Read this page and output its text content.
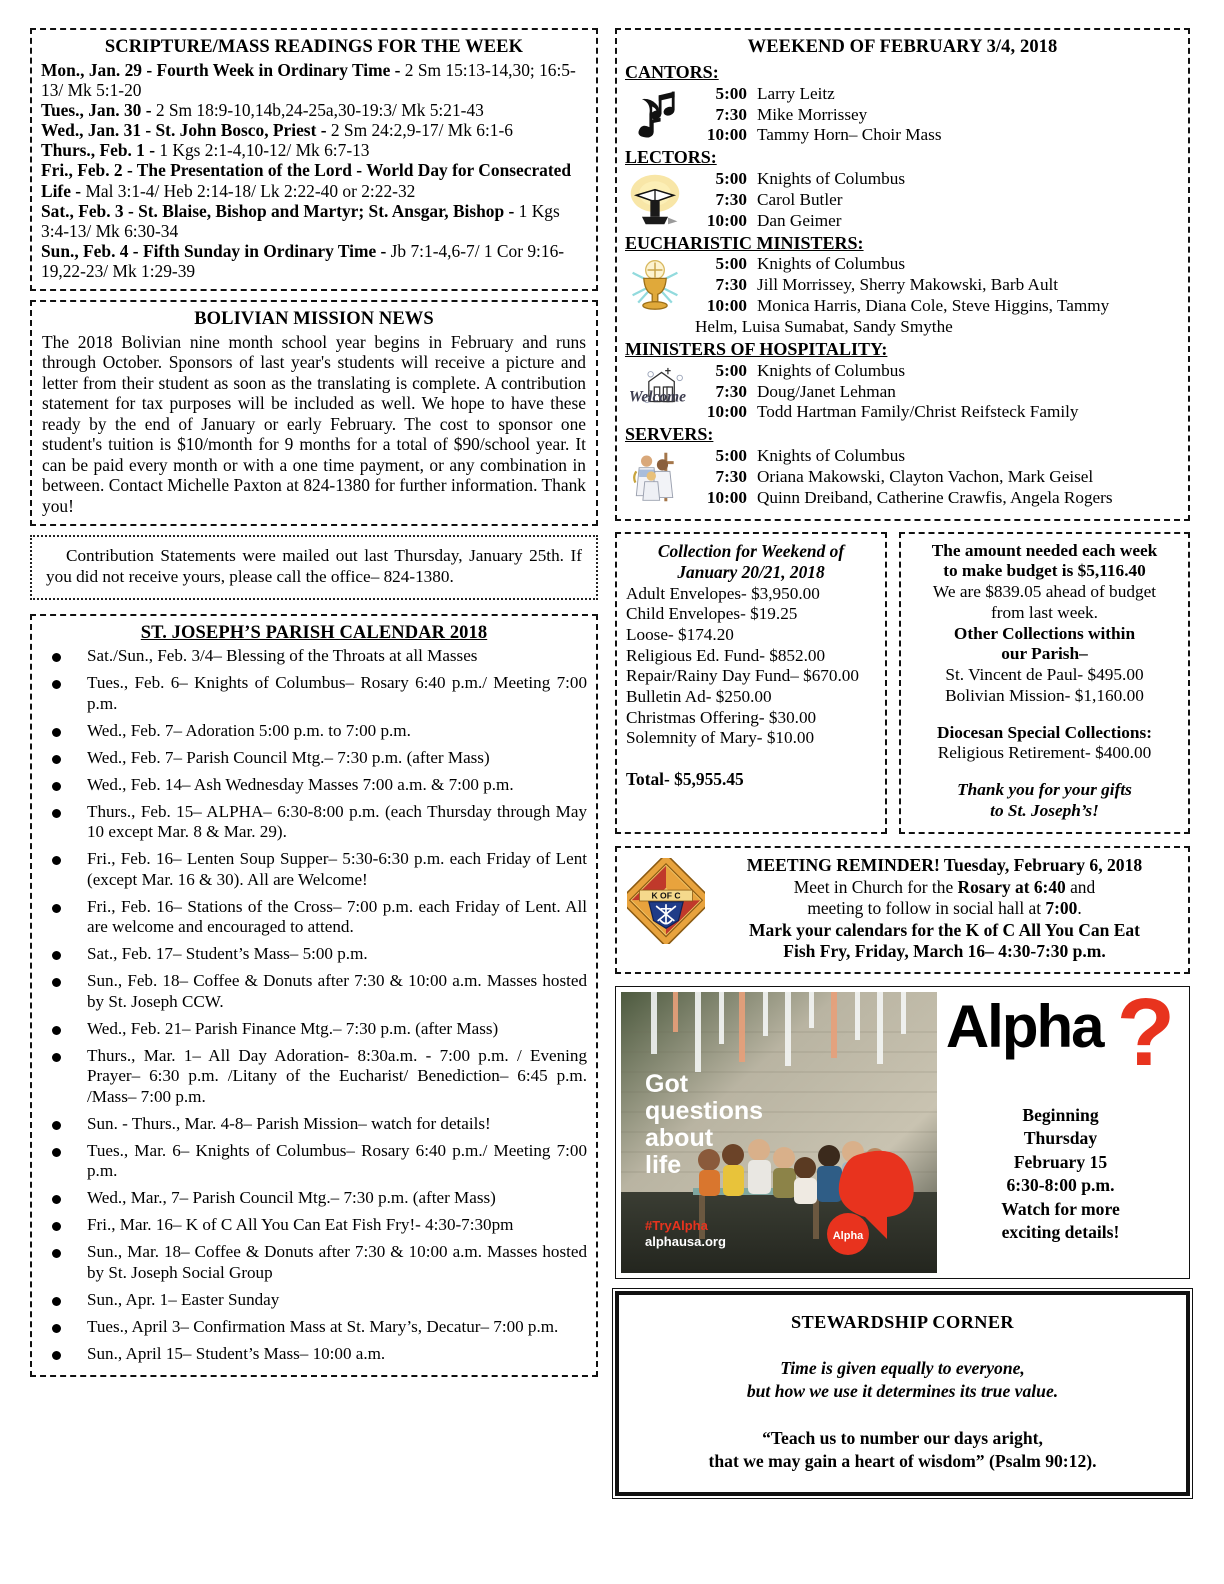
SCRIPTURE/MASS READINGS FOR THE WEEK

Mon., Jan. 29 - Fourth Week in Ordinary Time - 2 Sm 15:13-14,30; 16:5-13/ Mk 5:1-20

Tues., Jan. 30 - 2 Sm 18:9-10,14b,24-25a,30-19:3/ Mk 5:21-43

Wed., Jan. 31 - St. John Bosco, Priest - 2 Sm 24:2,9-17/ Mk 6:1-6

Thurs., Feb. 1 - 1 Kgs 2:1-4,10-12/ Mk 6:7-13

Fri., Feb. 2 - The Presentation of the Lord - World Day for Consecrated Life - Mal 3:1-4/ Heb 2:14-18/ Lk 2:22-40 or 2:22-32

Sat., Feb. 3 - St. Blaise, Bishop and Martyr; St. Ansgar, Bishop - 1 Kgs 3:4-13/ Mk 6:30-34

Sun., Feb. 4 - Fifth Sunday in Ordinary Time - Jb 7:1-4,6-7/ 1 Cor 9:16-19,22-23/ Mk 1:29-39

BOLIVIAN MISSION NEWS

The 2018 Bolivian nine month school year begins in February and runs through October. Sponsors of last year's students will receive a picture and letter from their student as soon as the translating is complete. A contribution statement for tax purposes will be included as well. We hope to have these ready by the end of January or early February. The cost to sponsor one student's tuition is $10/month for 9 months for a total of $90/school year. It can be paid every month or with a one time payment, or any combination in between. Contact Michelle Paxton at 824-1380 for further information. Thank you!

Contribution Statements were mailed out last Thursday, January 25th. If you did not receive yours, please call the office– 824-1380.

ST. JOSEPH’S PARISH CALENDAR 2018
Sat./Sun., Feb. 3/4– Blessing of the Throats at all Masses
Tues., Feb. 6– Knights of Columbus– Rosary 6:40 p.m./ Meeting 7:00 p.m.
Wed., Feb. 7– Adoration 5:00 p.m. to 7:00 p.m.
Wed., Feb. 7– Parish Council Mtg.– 7:30 p.m. (after Mass)
Wed., Feb. 14– Ash Wednesday Masses 7:00 a.m. & 7:00 p.m.
Thurs., Feb. 15– ALPHA– 6:30-8:00 p.m. (each Thursday through May 10 except Mar. 8 & Mar. 29).
Fri., Feb. 16– Lenten Soup Supper– 5:30-6:30 p.m. each Friday of Lent (except Mar. 16 & 30). All are Welcome!
Fri., Feb. 16– Stations of the Cross– 7:00 p.m. each Friday of Lent. All are welcome and encouraged to attend.
Sat., Feb. 17– Student’s Mass– 5:00 p.m.
Sun., Feb. 18– Coffee & Donuts after 7:30 & 10:00 a.m. Masses hosted by St. Joseph CCW.
Wed., Feb. 21– Parish Finance Mtg.– 7:30 p.m. (after Mass)
Thurs., Mar. 1– All Day Adoration- 8:30a.m. - 7:00 p.m. / Evening Prayer– 6:30 p.m. /Litany of the Eucharist/ Benediction– 6:45 p.m. /Mass– 7:00 p.m.
Sun. - Thurs., Mar. 4-8– Parish Mission– watch for details!
Tues., Mar. 6– Knights of Columbus– Rosary 6:40 p.m./ Meeting 7:00 p.m.
Wed., Mar., 7– Parish Council Mtg.– 7:30 p.m. (after Mass)
Fri., Mar. 16– K of C All You Can Eat Fish Fry!- 4:30-7:30pm
Sun., Mar. 18– Coffee & Donuts after 7:30 & 10:00 a.m. Masses hosted by St. Joseph Social Group
Sun., Apr. 1– Easter Sunday
Tues., April 3– Confirmation Mass at St. Mary’s, Decatur– 7:00 p.m.
Sun., April 15– Student’s Mass– 10:00 a.m.
WEEKEND OF FEBRUARY 3/4, 2018
CANTORS:
5:00 Larry Leitz
7:30 Mike Morrissey
10:00 Tammy Horn– Choir Mass
LECTORS:
5:00 Knights of Columbus
7:30 Carol Butler
10:00 Dan Geimer
EUCHARISTIC MINISTERS:
5:00 Knights of Columbus
7:30 Jill Morrissey, Sherry Makowski, Barb Ault
10:00 Monica Harris, Diana Cole, Steve Higgins, Tammy
Helm, Luisa Sumabat, Sandy Smythe
MINISTERS OF HOSPITALITY:
Welcome
5:00 Knights of Columbus
7:30 Doug/Janet Lehman
10:00 Todd Hartman Family/Christ Reifsteck Family
SERVERS:
5:00 Knights of Columbus
7:30 Oriana Makowski, Clayton Vachon, Mark Geisel
10:00 Quinn Dreiband, Catherine Crawfis, Angela Rogers
Collection for Weekend of
January 20/21, 2018
Adult Envelopes- $3,950.00
Child Envelopes- $19.25
Loose- $174.20
Religious Ed. Fund- $852.00
Repair/Rainy Day Fund– $670.00
Bulletin Ad- $250.00
Christmas Offering- $30.00
Solemnity of Mary- $10.00
Total- $5,955.45
The amount needed each week
to make budget is $5,116.40
We are $839.05 ahead of budget
from last week.
Other Collections within
our Parish–
St. Vincent de Paul- $495.00
Bolivian Mission- $1,160.00
Diocesan Special Collections:
Religious Retirement- $400.00
Thank you for your gifts
to St. Joseph’s!
K OF C
MEETING REMINDER! Tuesday, February 6, 2018
Meet in Church for the Rosary at 6:40 and
meeting to follow in social hall at 7:00.
Mark your calendars for the K of C All You Can Eat
Fish Fry, Friday, March 16– 4:30-7:30 p.m.
Alpha
Got
questions
about
life
#TryAlpha
alphausa.org
Alpha ?
Beginning
Thursday
February 15
6:30-8:00 p.m.
Watch for more
exciting details!
STEWARDSHIP CORNER
Time is given equally to everyone,
but how we use it determines its true value.
“Teach us to number our days aright,
that we may gain a heart of wisdom” (Psalm 90:12).
